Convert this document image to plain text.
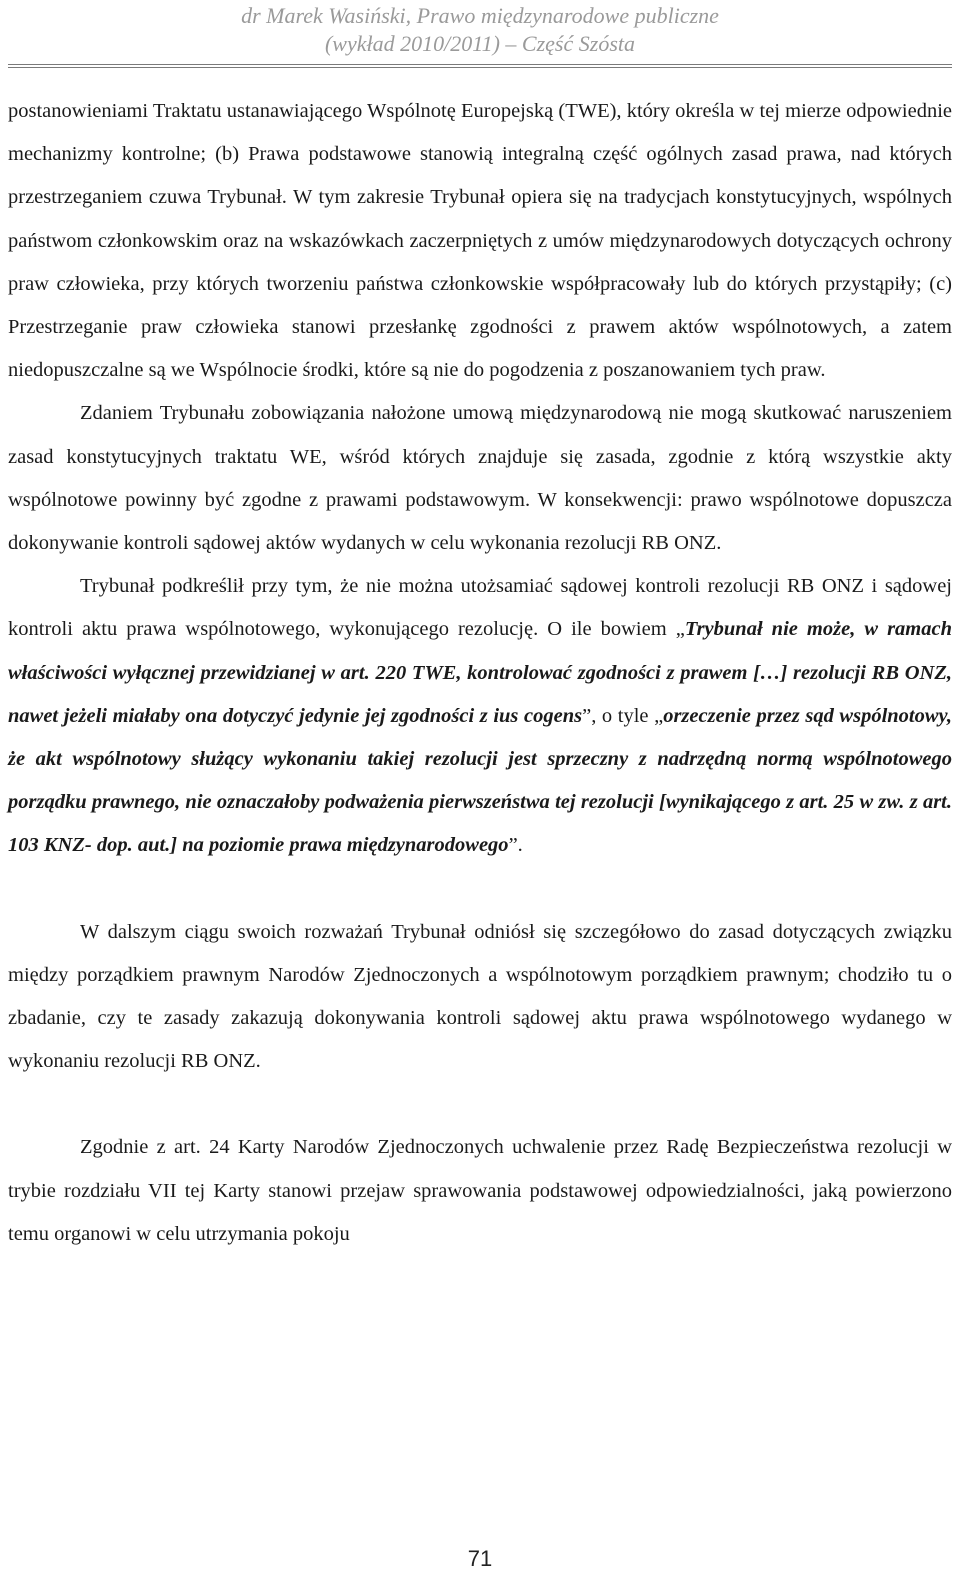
dr Marek Wasiński, Prawo międzynarodowe publiczne
(wykład 2010/2011) – Część Szósta

postanowieniami Traktatu ustanawiającego Wspólnotę Europejską (TWE), który określa w tej mierze odpowiednie mechanizmy kontrolne; (b) Prawa podstawowe stanowią integralną część ogólnych zasad prawa, nad których przestrzeganiem czuwa Trybunał. W tym zakresie Trybunał opiera się na tradycjach konstytucyjnych, wspólnych państwom członkowskim oraz na wskazówkach zaczerpniętych z umów międzynarodowych dotyczących ochrony praw człowieka, przy których tworzeniu państwa członkowskie współpracowały lub do których przystąpiły; (c) Przestrzeganie praw człowieka stanowi przesłankę zgodności z prawem aktów wspólnotowych, a zatem niedopuszczalne są we Wspólnocie środki, które są nie do pogodzenia z poszanowaniem tych praw.

Zdaniem Trybunału zobowiązania nałożone umową międzynarodową nie mogą skutkować naruszeniem zasad konstytucyjnych traktatu WE, wśród których znajduje się zasada, zgodnie z którą wszystkie akty wspólnotowe powinny być zgodne z prawami podstawowym. W konsekwencji: prawo wspólnotowe dopuszcza dokonywanie kontroli sądowej aktów wydanych w celu wykonania rezolucji RB ONZ.

Trybunał podkreślił przy tym, że nie można utożsamiać sądowej kontroli rezolucji RB ONZ i sądowej kontroli aktu prawa wspólnotowego, wykonującego rezolucję. O ile bowiem „Trybunał nie może, w ramach właściwości wyłącznej przewidzianej w art. 220 TWE, kontrolować zgodności z prawem […] rezolucji RB ONZ, nawet jeżeli miałaby ona dotyczyć jedynie jej zgodności z ius cogens”, o tyle „orzeczenie przez sąd wspólnotowy, że akt wspólnotowy służący wykonaniu takiej rezolucji jest sprzeczny z nadrzędną normą wspólnotowego porządku prawnego, nie oznaczałoby podważenia pierwszeństwa tej rezolucji [wynikającego z art. 25 w zw. z art. 103 KNZ- dop. aut.] na poziomie prawa międzynarodowego”.

W dalszym ciągu swoich rozważań Trybunał odniósł się szczegółowo do zasad dotyczących związku między porządkiem prawnym Narodów Zjednoczonych a wspólnotowym porządkiem prawnym; chodziło tu o zbadanie, czy te zasady zakazują dokonywania kontroli sądowej aktu prawa wspólnotowego wydanego w wykonaniu rezolucji RB ONZ.

Zgodnie z art. 24 Karty Narodów Zjednoczonych uchwalenie przez Radę Bezpieczeństwa rezolucji w trybie rozdziału VII tej Karty stanowi przejaw sprawowania podstawowej odpowiedzialności, jaką powierzono temu organowi w celu utrzymania pokoju

71
